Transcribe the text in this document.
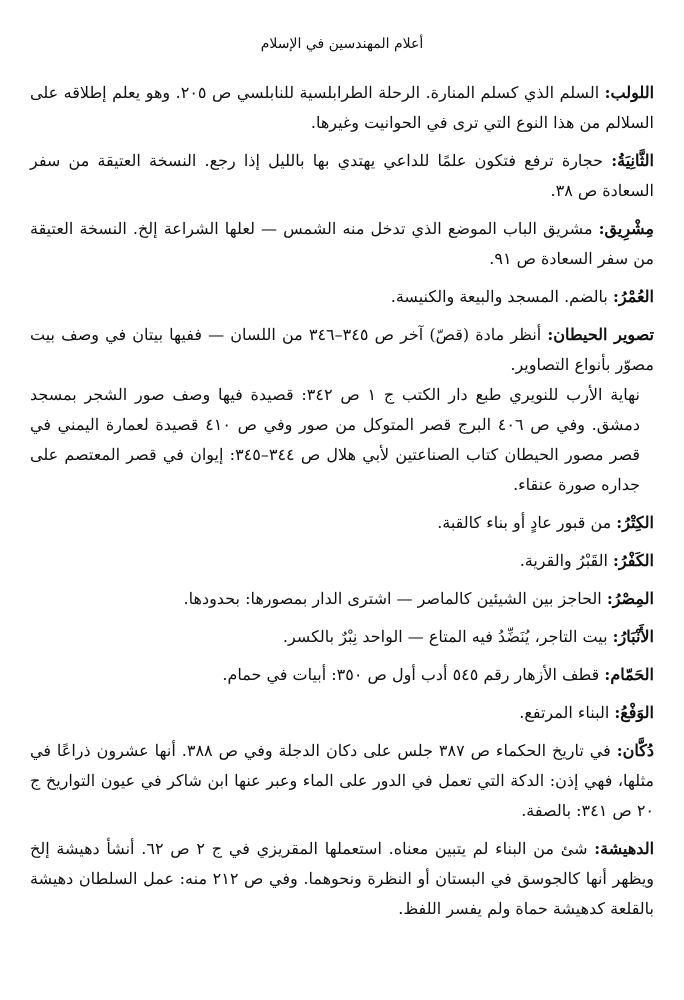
أعلام المهندسين في الإسلام

اللولب: السلم الذي كسلم المنارة. الرحلة الطرابلسية للنابلسي ص ٢٠٥. وهو يعلم إطلاقه على السلالم من هذا النوع التي ترى في الحوانيت وغيرها.

الثَّانِيَةُ: حجارة ترفع فتكون علمًا للداعي يهتدي بها بالليل إذا رجع. النسخة العتيقة من سفر السعادة ص ٣٨.

مِشْرِيق: مشريق الباب الموضع الذي تدخل منه الشمس — لعلها الشراعة إلخ. النسخة العتيقة من سفر السعادة ص ٩١.

العُمْرُ: بالضم. المسجد والبيعة والكنيسة.

تصوير الحيطان: أنظر مادة (قصّ) آخر ص ٣٤٥–٣٤٦ من اللسان — ففيها بيتان في وصف بيت مصوّر بأنواع التصاوير.
نهاية الأرب للنويري طبع دار الكتب ج ١ ص ٣٤٢: قصيدة فيها وصف صور الشجر بمسجد دمشق. وفي ص ٤٠٦ البرج قصر المتوكل من صور وفي ص ٤١٠ قصيدة لعمارة اليمني في قصر مصور الحيطان كتاب الصناعتين لأبي هلال ص ٣٤٤–٣٤٥: إيوان في قصر المعتصم على جداره صورة عنقاء.

الكِتْرُ: من قبور عادٍ أو بناء كالقبة.

الكَفْرُ: القَبْرُ والقرية.

المِصْرُ: الحاجز بين الشيئين كالماصر — اشترى الدار بمصورها: بحدودها.

الأَنْبَارُ: بيت التاجر، يُنَضِّدُ فيه المتاع — الواحد نِبْرٌ بالكسر.

الحَمّام: قطف الأزهار رقم ٥٤٥ أدب أول ص ٣٥٠: أبيات في حمام.

الوَفْعُ: البناء المرتفع.

دُكَّان: في تاريخ الحكماء ص ٣٨٧ جلس على دكان الدجلة وفي ص ٣٨٨. أنها عشرون ذراعًا في مثلها، فهي إذن: الدكة التي تعمل في الدور على الماء وعبر عنها ابن شاكر في عيون التواريخ ج ٢٠ ص ٣٤١: بالصفة.

الدهيشة: شئ من البناء لم يتبين معناه. استعملها المقريزي في ج ٢ ص ٦٢. أنشأ دهيشة إلخ ويظهر أنها كالجوسق في البستان أو النظرة ونحوهما. وفي ص ٢١٢ منه: عمل السلطان دهيشة بالقلعة كدهيشة حماة ولم يفسر اللفظ.
